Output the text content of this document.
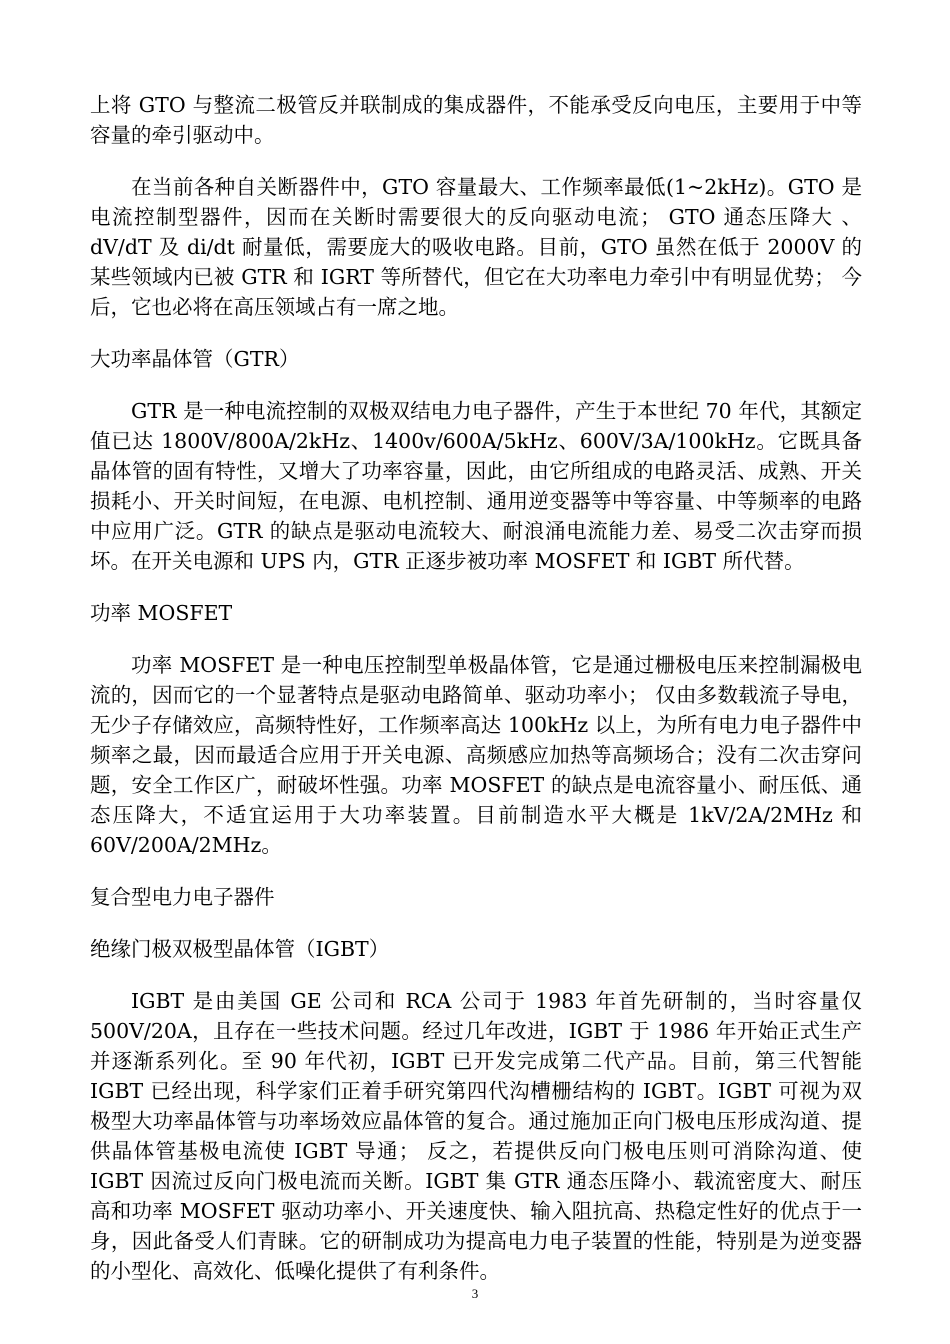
上将 GTO 与整流二极管反并联制成的集成器件，不能承受反向电压，主要用于中等容量的牵引驱动中。

在当前各种自关断器件中，GTO 容量最大、工作频率最低(1~2kHz)。GTO 是电流控制型器件，因而在关断时需要很大的反向驱动电流； GTO 通态压降大 、dV/dT 及 di/dt 耐量低，需要庞大的吸收电路。目前，GTO 虽然在低于 2000V 的某些领域内已被 GTR 和 IGRT 等所替代，但它在大功率电力牵引中有明显优势； 今后，它也必将在高压领域占有一席之地。

大功率晶体管（GTR）

GTR 是一种电流控制的双极双结电力电子器件，产生于本世纪 70 年代，其额定值已达 1800V/800A/2kHz、1400v/600A/5kHz、600V/3A/100kHz。它既具备晶体管的固有特性，又增大了功率容量，因此，由它所组成的电路灵活、成熟、开关损耗小、开关时间短，在电源、电机控制、通用逆变器等中等容量、中等频率的电路中应用广泛。GTR 的缺点是驱动电流较大、耐浪涌电流能力差、易受二次击穿而损坏。在开关电源和 UPS 内，GTR 正逐步被功率 MOSFET 和 IGBT 所代替。

功率 MOSFET

功率 MOSFET 是一种电压控制型单极晶体管，它是通过栅极电压来控制漏极电流的，因而它的一个显著特点是驱动电路简单、驱动功率小； 仅由多数载流子导电，无少子存储效应，高频特性好，工作频率高达 100kHz 以上，为所有电力电子器件中频率之最，因而最适合应用于开关电源、高频感应加热等高频场合；没有二次击穿问题，安全工作区广，耐破坏性强。功率 MOSFET 的缺点是电流容量小、耐压低、通态压降大，不适宜运用于大功率装置。目前制造水平大概是 1kV/2A/2MHz 和 60V/200A/2MHz。

复合型电力电子器件

绝缘门极双极型晶体管（IGBT）

IGBT 是由美国 GE 公司和 RCA 公司于 1983 年首先研制的，当时容量仅 500V/20A，且存在一些技术问题。经过几年改进，IGBT 于 1986 年开始正式生产并逐渐系列化。至 90 年代初，IGBT 已开发完成第二代产品。目前，第三代智能 IGBT 已经出现，科学家们正着手研究第四代沟槽栅结构的 IGBT。IGBT 可视为双极型大功率晶体管与功率场效应晶体管的复合。通过施加正向门极电压形成沟道、提供晶体管基极电流使 IGBT 导通； 反之，若提供反向门极电压则可消除沟道、使 IGBT 因流过反向门极电流而关断。IGBT 集 GTR 通态压降小、载流密度大、耐压高和功率 MOSFET 驱动功率小、开关速度快、输入阻抗高、热稳定性好的优点于一身，因此备受人们青睐。它的研制成功为提高电力电子装置的性能，特别是为逆变器的小型化、高效化、低噪化提供了有利条件。

3
